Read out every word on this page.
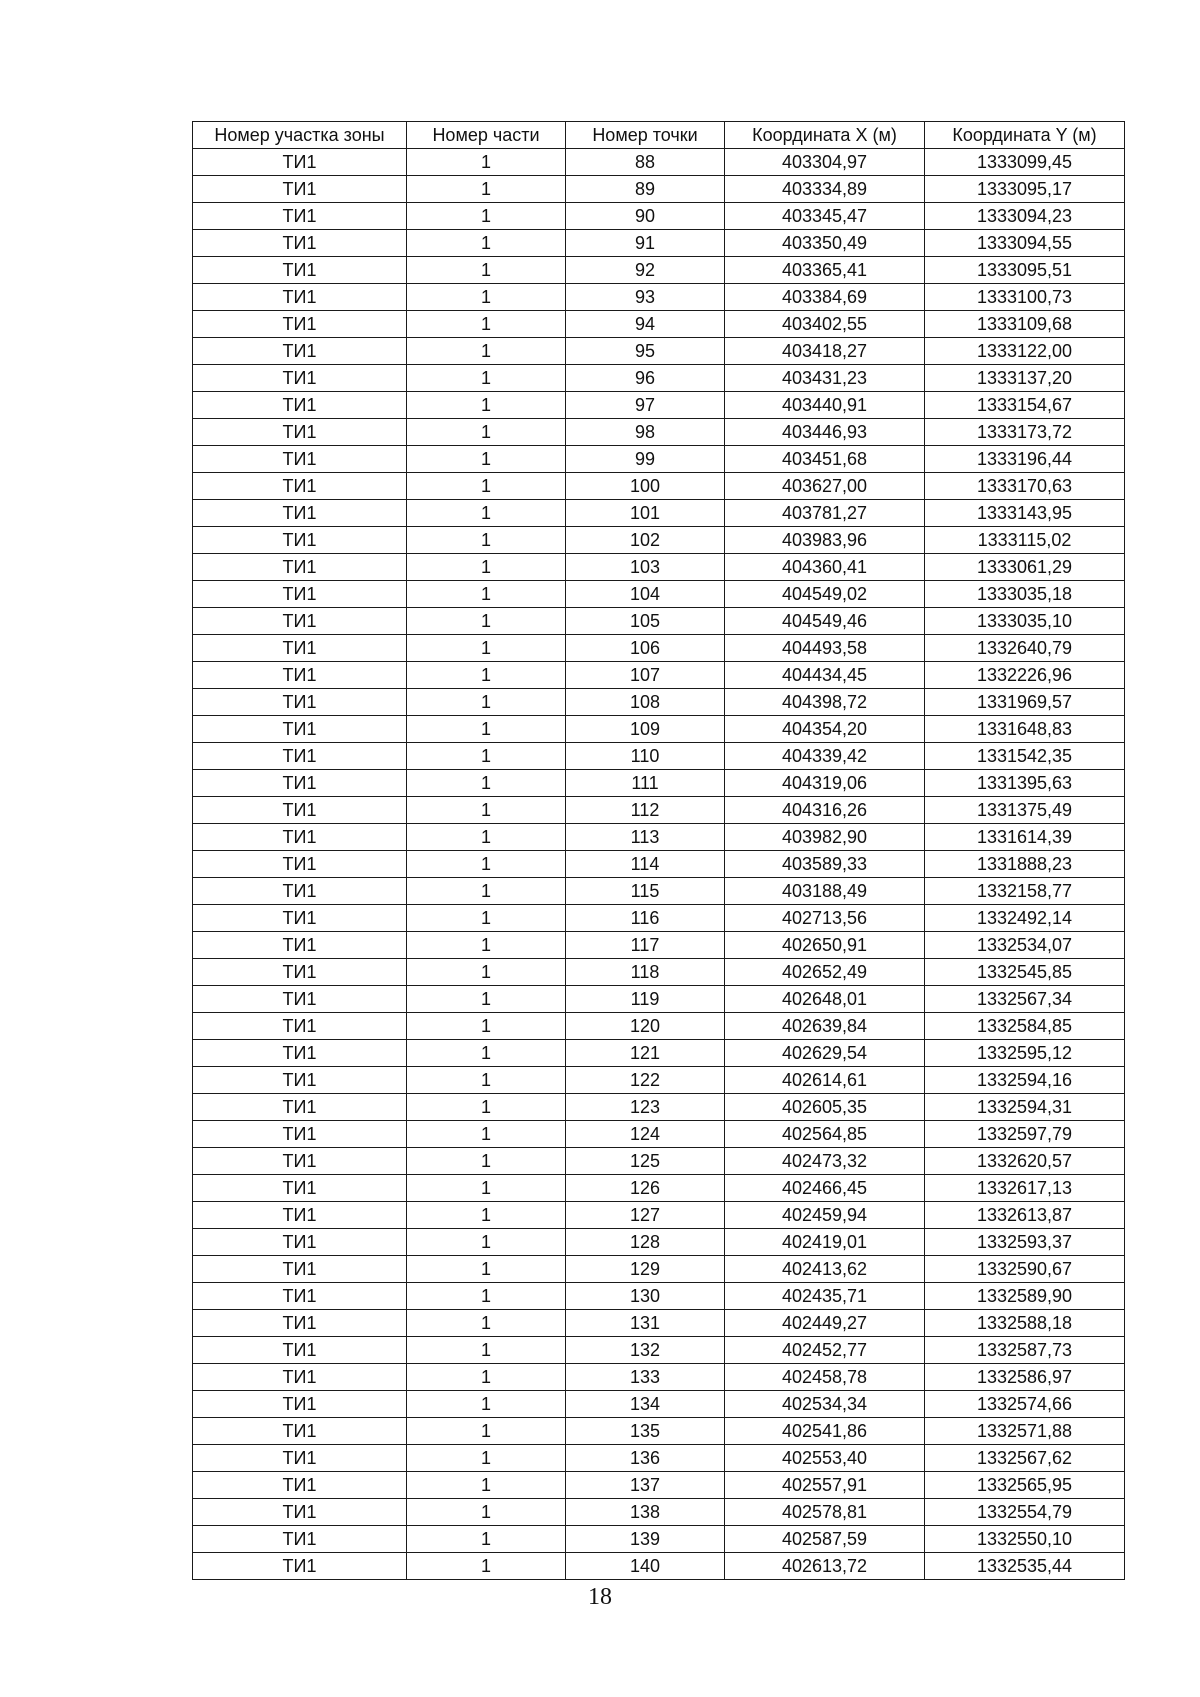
Номер участка зоны	Номер части	Номер точки	Координата X (м)	Координата Y (м)
ТИ1	1	88	403304,97	1333099,45
ТИ1	1	89	403334,89	1333095,17
ТИ1	1	90	403345,47	1333094,23
ТИ1	1	91	403350,49	1333094,55
ТИ1	1	92	403365,41	1333095,51
ТИ1	1	93	403384,69	1333100,73
ТИ1	1	94	403402,55	1333109,68
ТИ1	1	95	403418,27	1333122,00
ТИ1	1	96	403431,23	1333137,20
ТИ1	1	97	403440,91	1333154,67
ТИ1	1	98	403446,93	1333173,72
ТИ1	1	99	403451,68	1333196,44
ТИ1	1	100	403627,00	1333170,63
ТИ1	1	101	403781,27	1333143,95
ТИ1	1	102	403983,96	1333115,02
ТИ1	1	103	404360,41	1333061,29
ТИ1	1	104	404549,02	1333035,18
ТИ1	1	105	404549,46	1333035,10
ТИ1	1	106	404493,58	1332640,79
ТИ1	1	107	404434,45	1332226,96
ТИ1	1	108	404398,72	1331969,57
ТИ1	1	109	404354,20	1331648,83
ТИ1	1	110	404339,42	1331542,35
ТИ1	1	111	404319,06	1331395,63
ТИ1	1	112	404316,26	1331375,49
ТИ1	1	113	403982,90	1331614,39
ТИ1	1	114	403589,33	1331888,23
ТИ1	1	115	403188,49	1332158,77
ТИ1	1	116	402713,56	1332492,14
ТИ1	1	117	402650,91	1332534,07
ТИ1	1	118	402652,49	1332545,85
ТИ1	1	119	402648,01	1332567,34
ТИ1	1	120	402639,84	1332584,85
ТИ1	1	121	402629,54	1332595,12
ТИ1	1	122	402614,61	1332594,16
ТИ1	1	123	402605,35	1332594,31
ТИ1	1	124	402564,85	1332597,79
ТИ1	1	125	402473,32	1332620,57
ТИ1	1	126	402466,45	1332617,13
ТИ1	1	127	402459,94	1332613,87
ТИ1	1	128	402419,01	1332593,37
ТИ1	1	129	402413,62	1332590,67
ТИ1	1	130	402435,71	1332589,90
ТИ1	1	131	402449,27	1332588,18
ТИ1	1	132	402452,77	1332587,73
ТИ1	1	133	402458,78	1332586,97
ТИ1	1	134	402534,34	1332574,66
ТИ1	1	135	402541,86	1332571,88
ТИ1	1	136	402553,40	1332567,62
ТИ1	1	137	402557,91	1332565,95
ТИ1	1	138	402578,81	1332554,79
ТИ1	1	139	402587,59	1332550,10
ТИ1	1	140	402613,72	1332535,44
18
